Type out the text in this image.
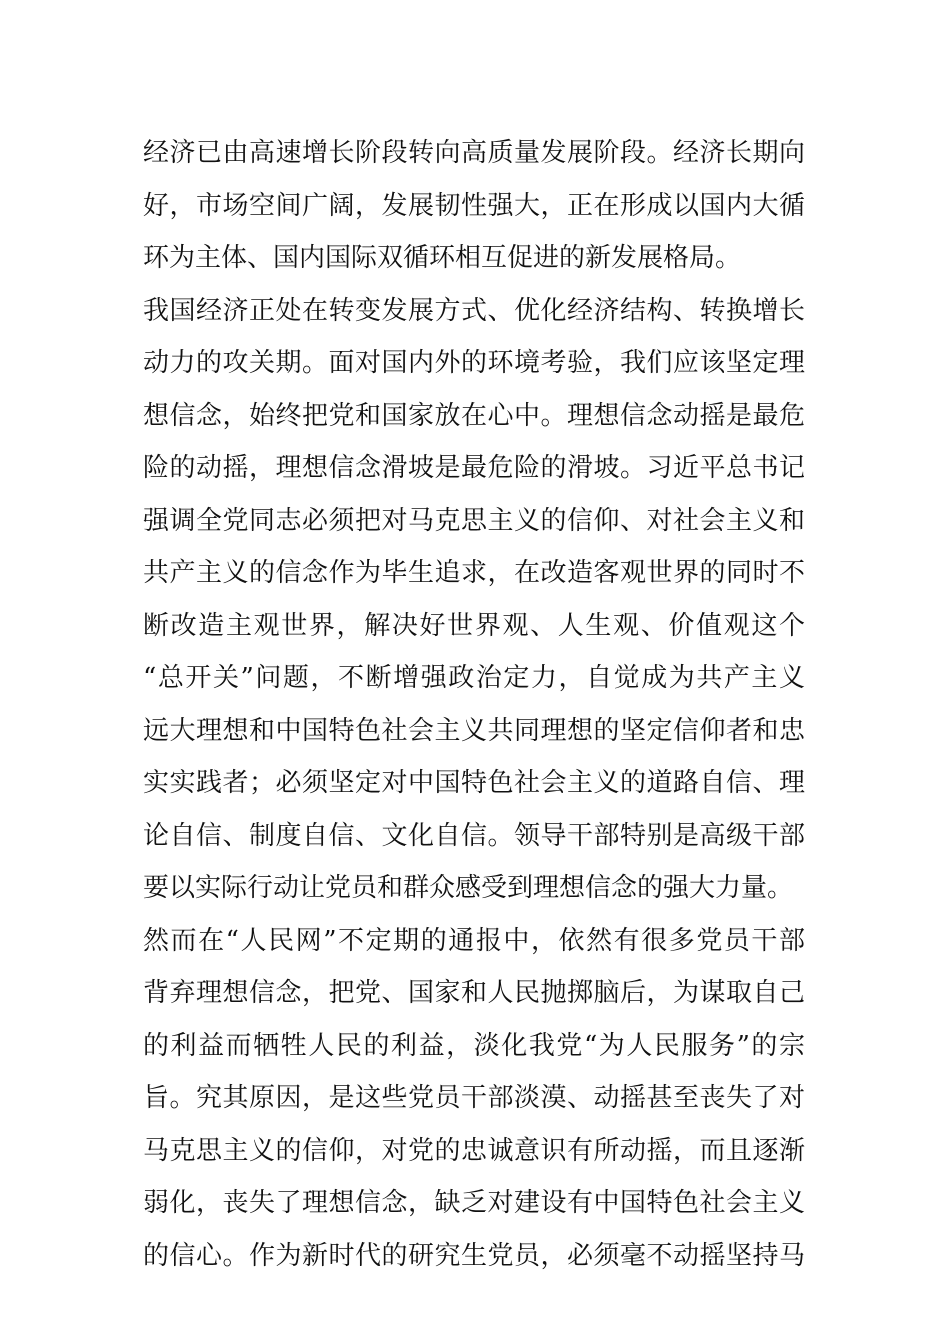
经济已由高速增长阶段转向高质量发展阶段。经济长期向
好，市场空间广阔，发展韧性强大，正在形成以国内大循
环为主体、国内国际双循环相互促进的新发展格局。
我国经济正处在转变发展方式、优化经济结构、转换增长
动力的攻关期。面对国内外的环境考验，我们应该坚定理
想信念，始终把党和国家放在心中。理想信念动摇是最危
险的动摇，理想信念滑坡是最危险的滑坡。习近平总书记
强调全党同志必须把对马克思主义的信仰、对社会主义和
共产主义的信念作为毕生追求，在改造客观世界的同时不
断改造主观世界，解决好世界观、人生观、价值观这个
“总开关”问题，不断增强政治定力，自觉成为共产主义
远大理想和中国特色社会主义共同理想的坚定信仰者和忠
实实践者；必须坚定对中国特色社会主义的道路自信、理
论自信、制度自信、文化自信。领导干部特别是高级干部
要以实际行动让党员和群众感受到理想信念的强大力量。
然而在“人民网”不定期的通报中，依然有很多党员干部
背弃理想信念，把党、国家和人民抛掷脑后，为谋取自己
的利益而牺牲人民的利益，淡化我党“为人民服务”的宗
旨。究其原因，是这些党员干部淡漠、动摇甚至丧失了对
马克思主义的信仰，对党的忠诚意识有所动摇，而且逐渐
弱化，丧失了理想信念，缺乏对建设有中国特色社会主义
的信心。作为新时代的研究生党员，必须毫不动摇坚持马
